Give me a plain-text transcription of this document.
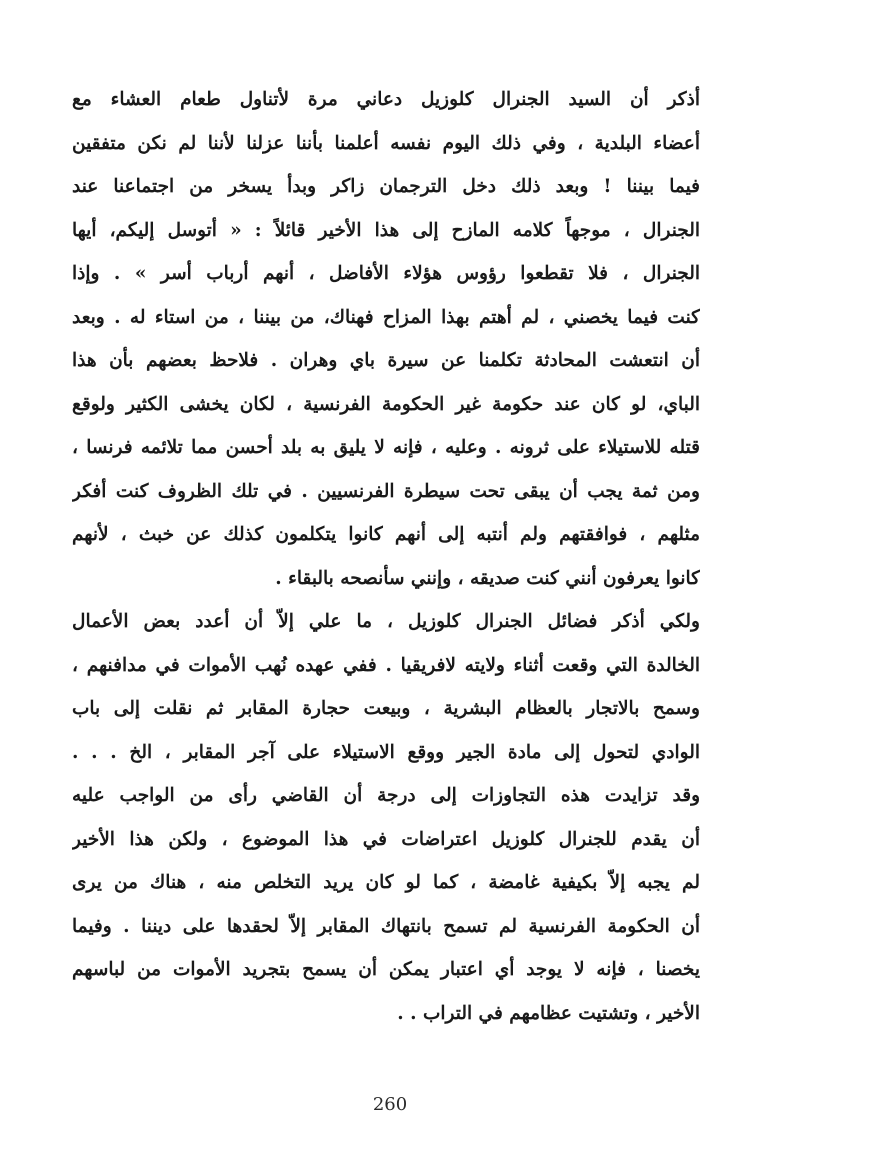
أذكر أن السيد الجنرال كلوزيل دعاني مرة لأتناول طعام العشاء مع
أعضاء البلدية ، وفي ذلك اليوم نفسه أعلمنا بأننا عزلنا لأننا لم نكن متفقين
فيما بيننا ! وبعد ذلك دخل الترجمان زاكر وبدأ يسخر من اجتماعنا عند
الجنرال ، موجهاً كلامه المازح إلى هذا الأخير قائلاً : « أتوسل إليكم، أيها
الجنرال ، فلا تقطعوا رؤوس هؤلاء الأفاضل ، أنهم أرباب أسر » . وإذا
كنت فيما يخصني ، لم أهتم بهذا المزاح فهناك، من بيننا ، من استاء له . وبعد
أن انتعشت المحادثة تكلمنا عن سيرة باي وهران . فلاحظ بعضهم بأن هذا
الباي، لو كان عند حكومة غير الحكومة الفرنسية ، لكان يخشى الكثير ولوقع
قتله للاستيلاء على ثرونه . وعليه ، فإنه لا يليق به بلد أحسن مما تلائمه فرنسا ،
ومن ثمة يجب أن يبقى تحت سيطرة الفرنسيين . في تلك الظروف كنت أفكر
مثلهم ، فوافقتهم ولم أنتبه إلى أنهم كانوا يتكلمون كذلك عن خبث ، لأنهم
كانوا يعرفون أنني كنت صديقه ، وإنني سأنصحه بالبقاء .
ولكي أذكر فضائل الجنرال كلوزيل ، ما علي إلاّ أن أعدد بعض الأعمال
الخالدة التي وقعت أثناء ولايته لافريقيا . ففي عهده نُهب الأموات في مدافنهم ،
وسمح بالاتجار بالعظام البشرية ، وبيعت حجارة المقابر ثم نقلت إلى باب
الوادي لتحول إلى مادة الجير ووقع الاستيلاء على آجر المقابر ، الخ . . .
وقد تزايدت هذه التجاوزات إلى درجة أن القاضي رأى من الواجب عليه
أن يقدم للجنرال كلوزيل اعتراضات في هذا الموضوع ، ولكن هذا الأخير
لم يجبه إلاّ بكيفية غامضة ، كما لو كان يريد التخلص منه ، هناك من يرى
أن الحكومة الفرنسية لم تسمح بانتهاك المقابر إلاّ لحقدها على ديننا . وفيما
يخصنا ، فإنه لا يوجد أي اعتبار يمكن أن يسمح بتجريد الأموات من لباسهم
الأخير ، وتشتيت عظامهم في التراب . .
260
